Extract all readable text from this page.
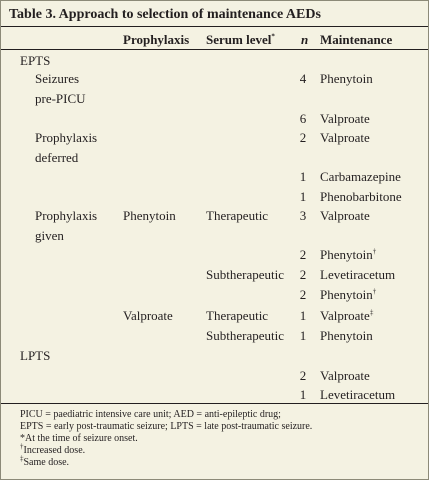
Table 3. Approach to selection of maintenance AEDs
Prophylaxis Serum level* n Maintenance
EPTS
Seizures
pre-PICU
Prophylaxis
deferred
Prophylaxis
given
Phenytoin
Valproate
Therapeutic
Subtherapeutic
Therapeutic
Subtherapeutic
4 Phenytoin
6 Valproate
2 Valproate
1 Carbamazepine
1 Phenobarbitone
3 Valproate
2 Phenytoin†
2 Levetiracetum
2 Phenytoin†
1 Valproate‡
1 Phenytoin
LPTS
2 Valproate
1 Levetiracetum
PICU = paediatric intensive care unit; AED = anti-epileptic drug;
EPTS = early post-traumatic seizure; LPTS = late post-traumatic seizure.
*At the time of seizure onset.
†Increased dose.
‡Same dose.
